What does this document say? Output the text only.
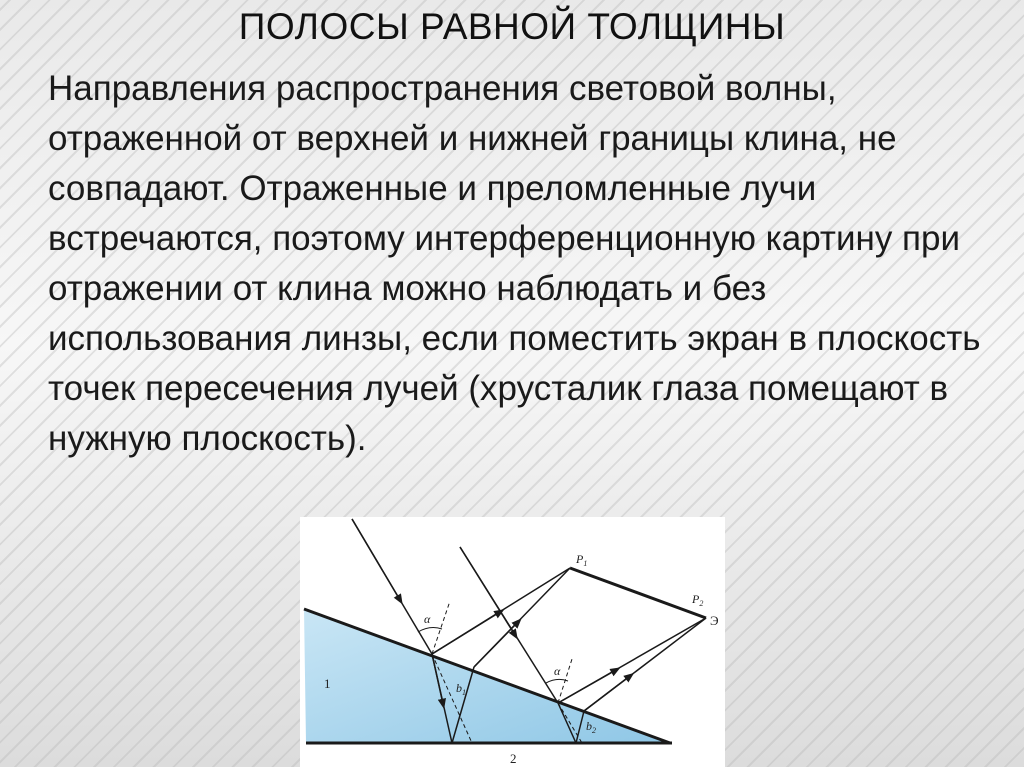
ПОЛОСЫ РАВНОЙ ТОЛЩИНЫ

Направления распространения световой волны, отраженной от верхней и нижней границы клина, не совпадают. Отраженные и преломленные лучи встречаются, поэтому интерференционную картину при отражении от клина можно наблюдать и без использования линзы, если поместить экран в плоскость точек пересечения лучей (хрусталик глаза помещают в нужную плоскость).

1
2
α
α
$b_1$
$b_2$
$P_1$
$P_2$
Э
